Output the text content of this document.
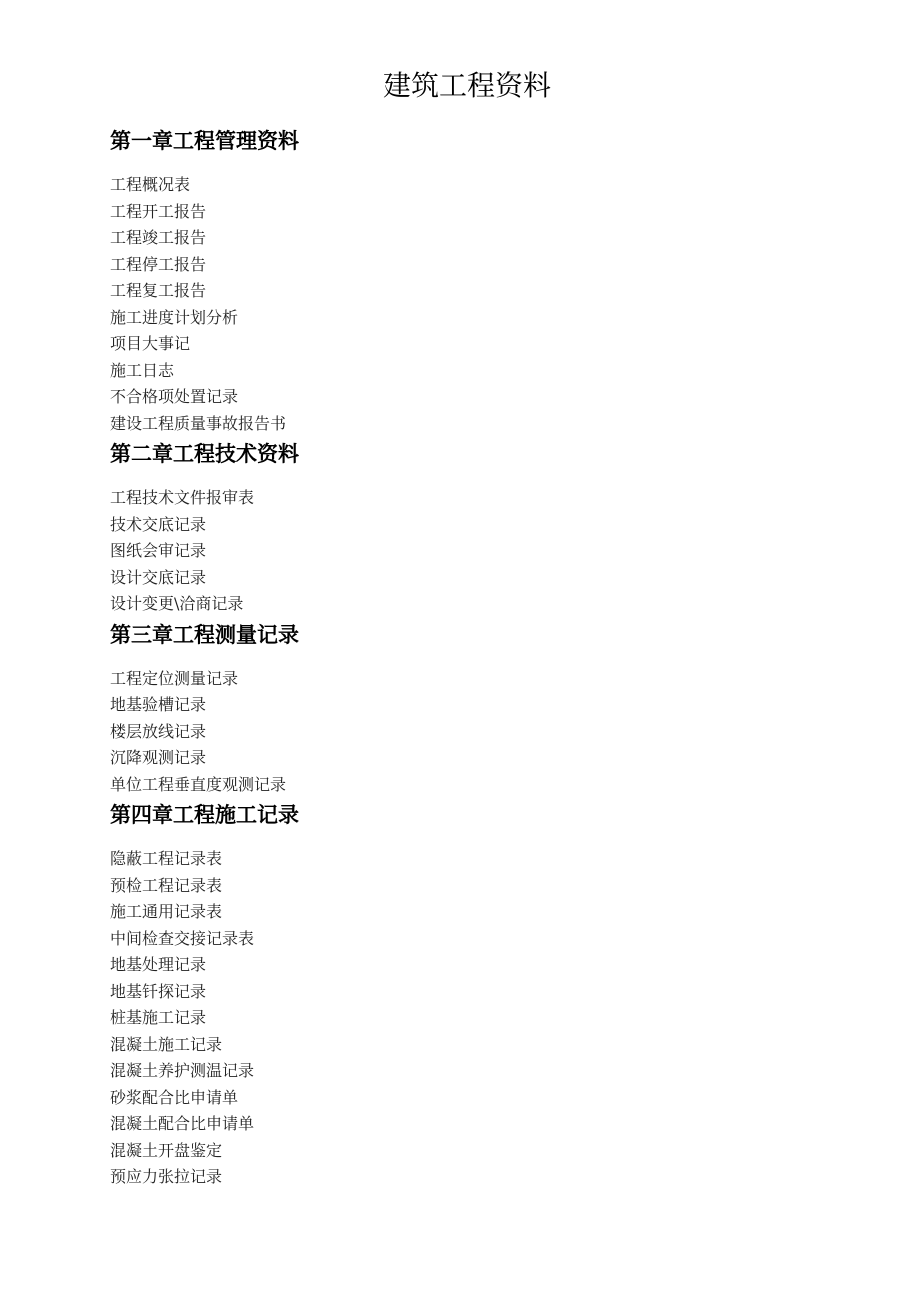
建筑工程资料
第一章工程管理资料
工程概况表
工程开工报告
工程竣工报告
工程停工报告
工程复工报告
施工进度计划分析
项目大事记
施工日志
不合格项处置记录
建设工程质量事故报告书
第二章工程技术资料
工程技术文件报审表
技术交底记录
图纸会审记录
设计交底记录
设计变更\洽商记录
第三章工程测量记录
工程定位测量记录
地基验槽记录
楼层放线记录
沉降观测记录
单位工程垂直度观测记录
第四章工程施工记录
隐蔽工程记录表
预检工程记录表
施工通用记录表
中间检查交接记录表
地基处理记录
地基钎探记录
桩基施工记录
混凝土施工记录
混凝土养护测温记录
砂浆配合比申请单
混凝土配合比申请单
混凝土开盘鉴定
预应力张拉记录
